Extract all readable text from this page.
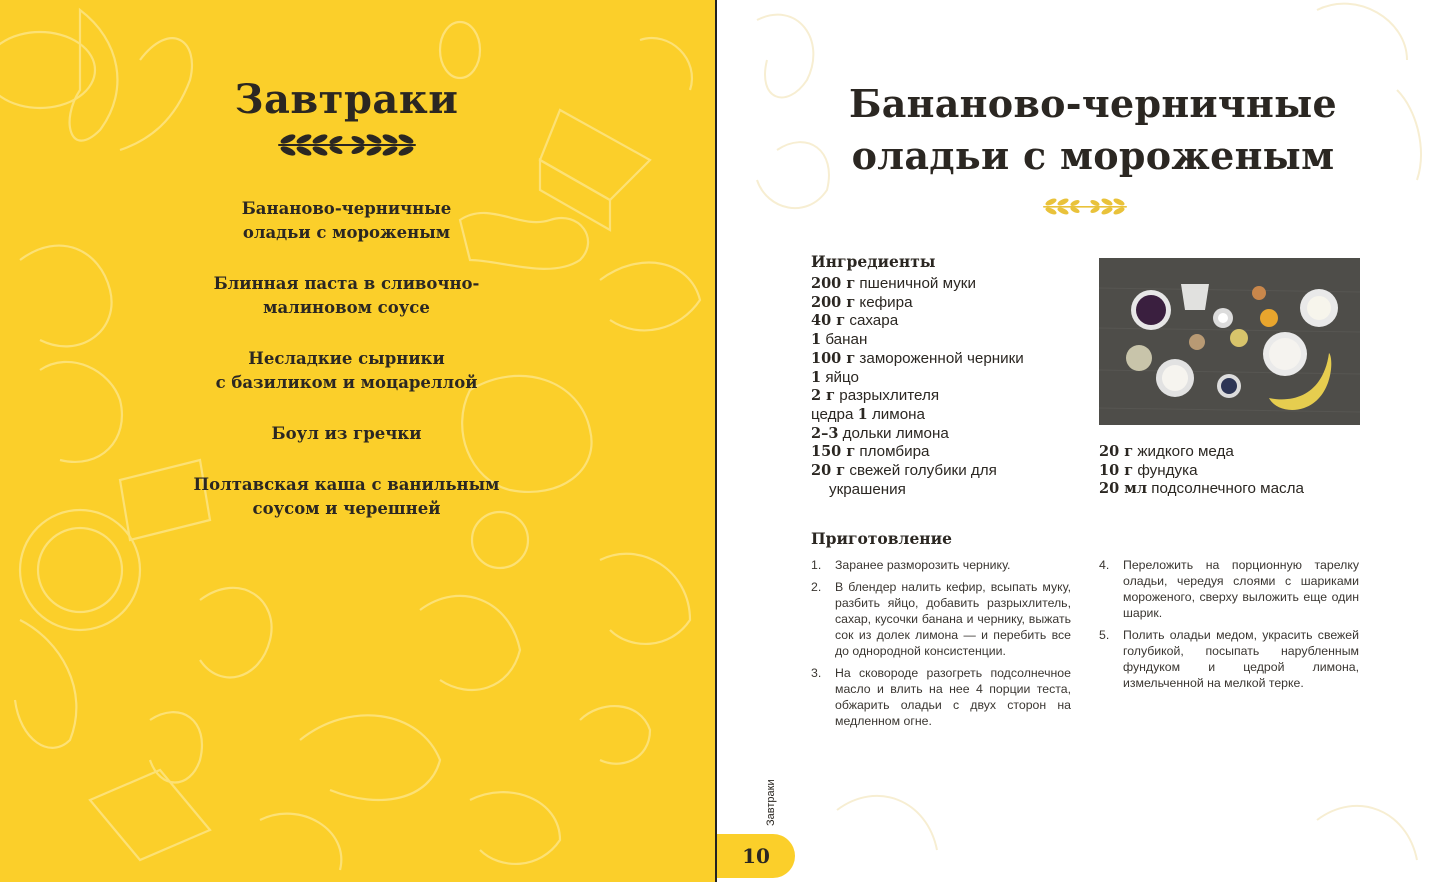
Завтраки
Бананово-черничные
оладьи с мороженым
Блинная паста в сливочно-
малиновом соусе
Несладкие сырники
с базиликом и моцареллой
Боул из гречки
Полтавская каша с ванильным
соусом и черешней
Бананово-черничные
оладьи с мороженым
Ингредиенты
200 г пшеничной муки
200 г кефира
40 г сахара
1 банан
100 г замороженной черники
1 яйцо
2 г разрыхлителя
цедра 1 лимона
2–3 дольки лимона
150 г пломбира
20 г свежей голубики для украшения
20 г жидкого меда
10 г фундука
20 мл подсолнечного масла
Приготовление
1.	Заранее разморозить чернику.
2.	В блендер налить кефир, всыпать муку, разбить яйцо, добавить разрыхлитель, сахар, кусочки банана и чернику, выжать сок из долек лимона — и перебить все до однородной консистенции.
3.	На сковороде разогреть подсолнечное масло и влить на нее 4 порции теста, обжарить оладьи с двух сторон на медленном огне.
4.	Переложить на порционную тарелку оладьи, чередуя слоями с шариками мороженого, сверху выложить еще один шарик.
5.	Полить оладьи медом, украсить свежей голубикой, посыпать нарубленным фундуком и цедрой лимона, измельченной на мелкой терке.
Завтраки
10
